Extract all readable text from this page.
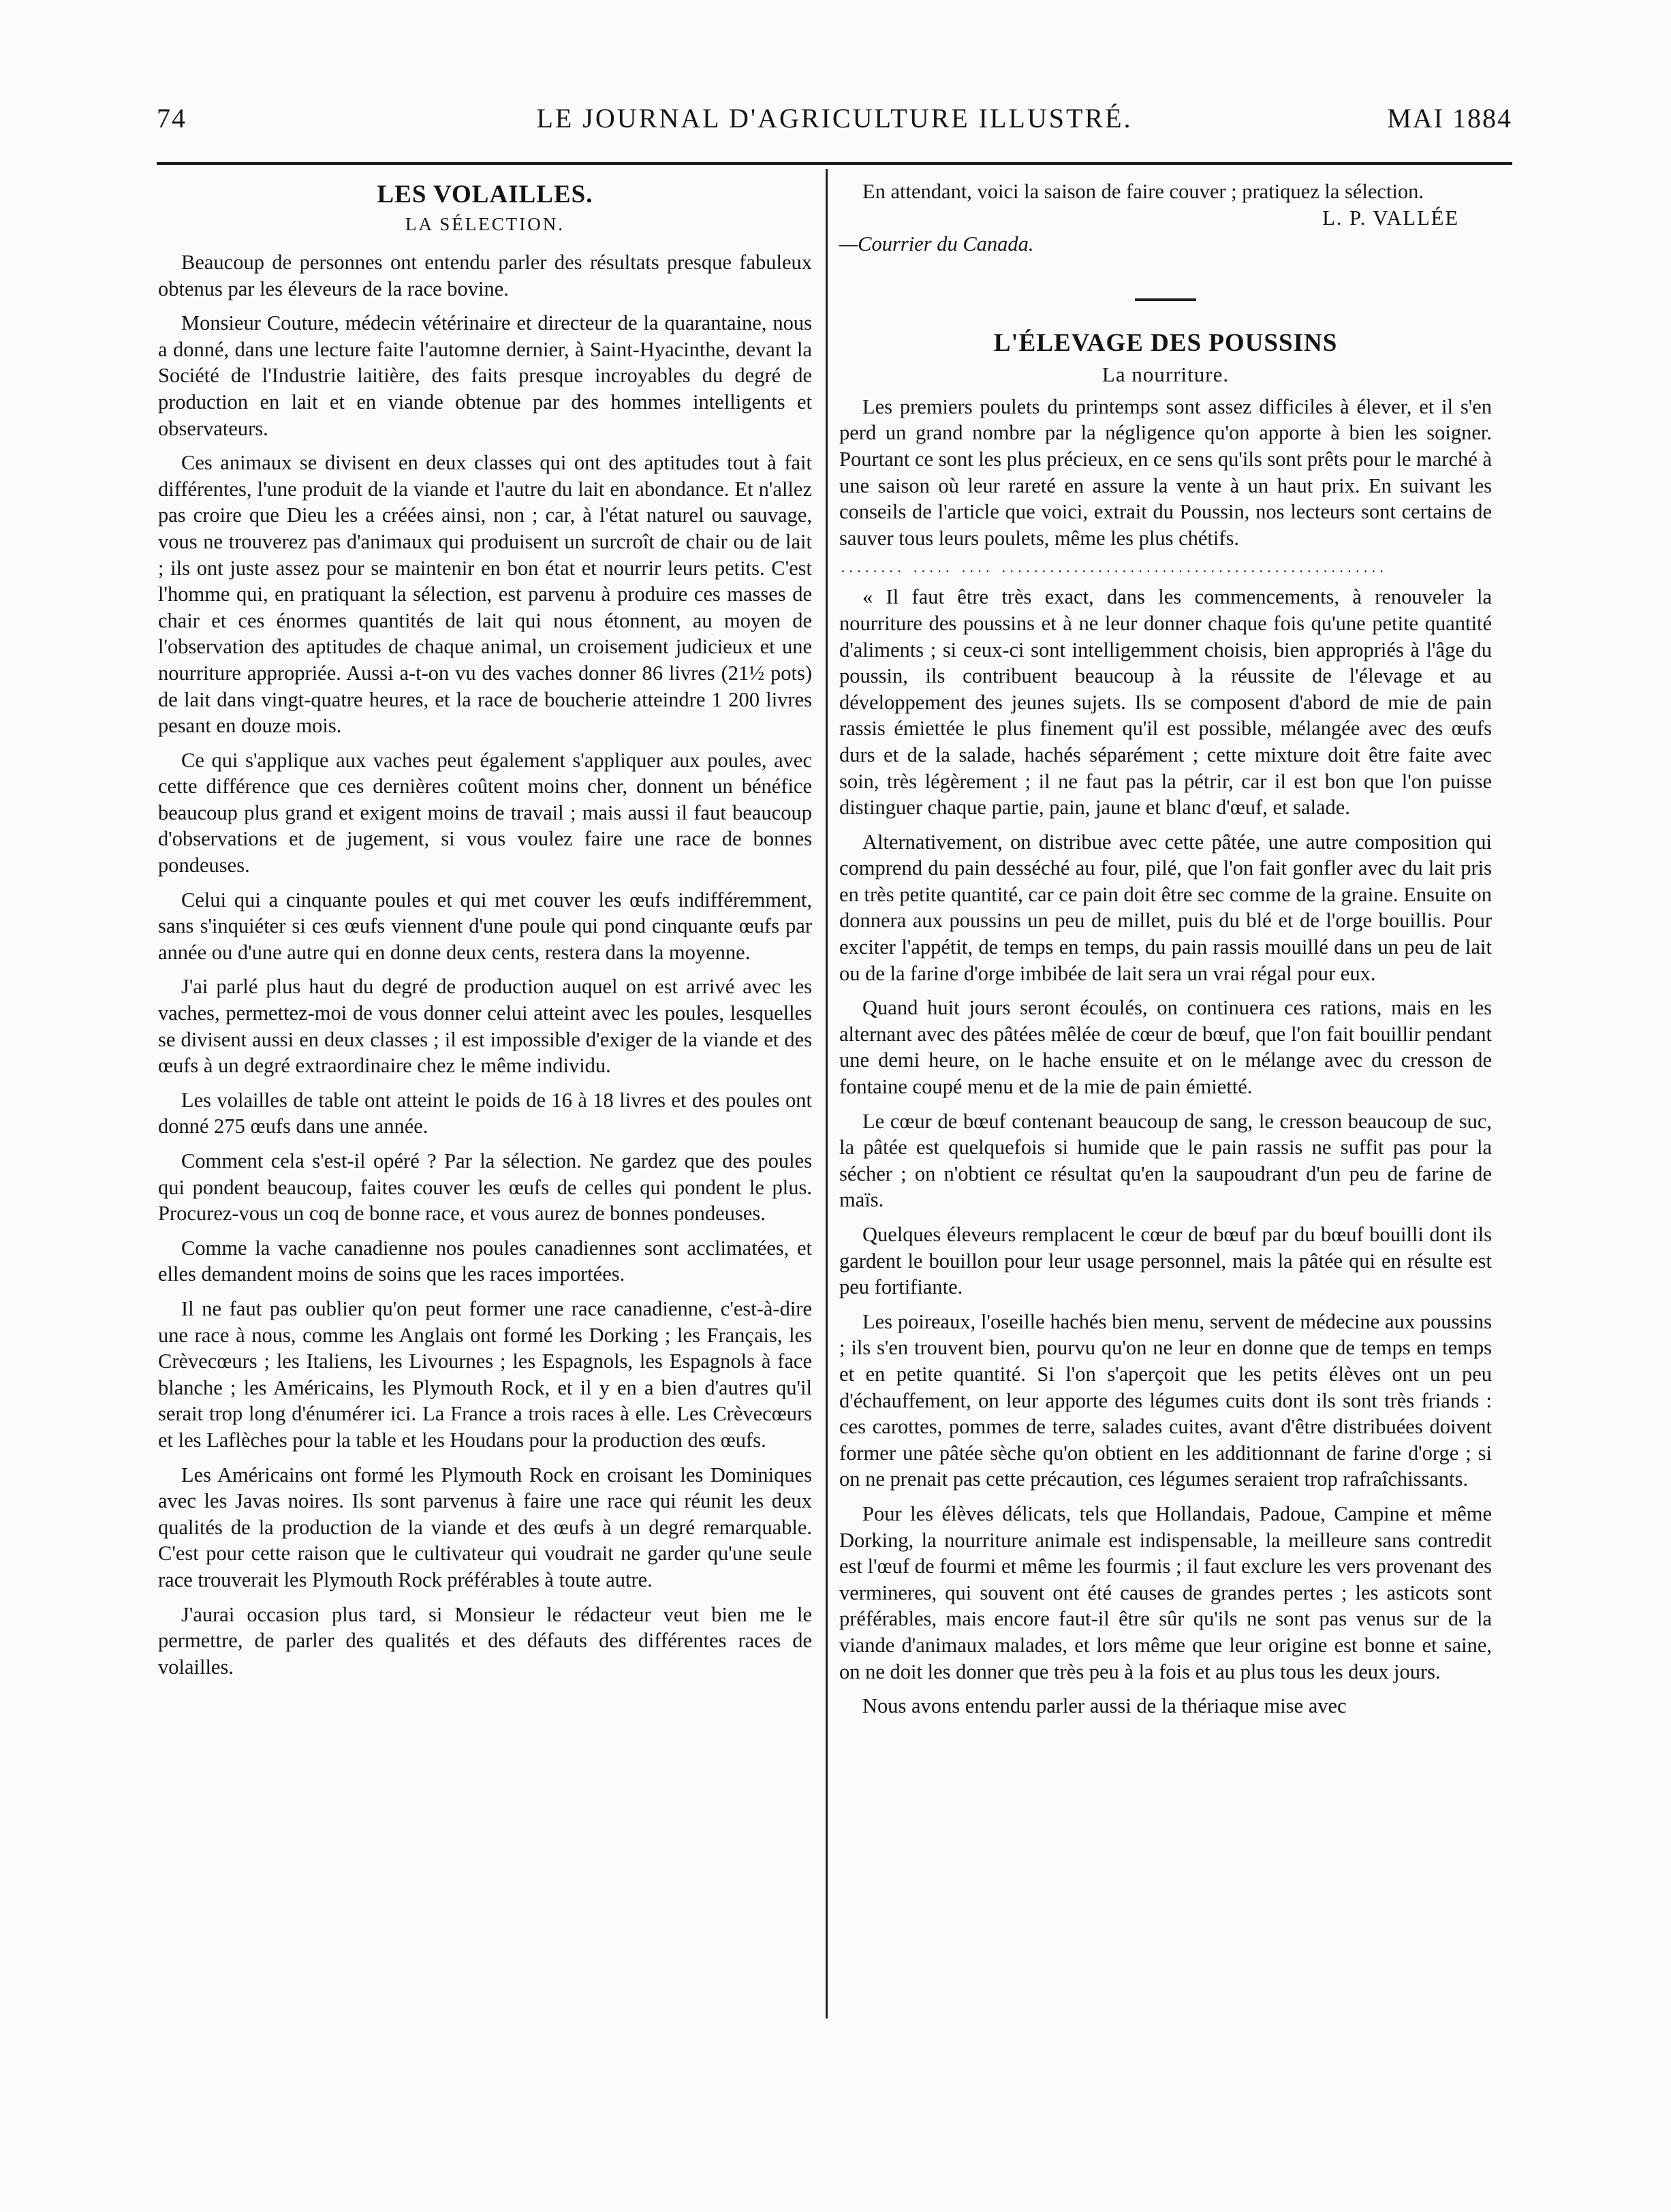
74	LE JOURNAL D'AGRICULTURE ILLUSTRÉ.	MAI 1884
LES VOLAILLES.
LA SÉLECTION.

Beaucoup de personnes ont entendu parler des résultats presque fabuleux obtenus par les éleveurs de la race bovine.

Monsieur Couture, médecin vétérinaire et directeur de la quarantaine, nous a donné, dans une lecture faite l'automne dernier, à Saint-Hyacinthe, devant la Société de l'Industrie laitière, des faits presque incroyables du degré de production en lait et en viande obtenue par des hommes intelligents et observateurs.

Ces animaux se divisent en deux classes qui ont des aptitudes tout à fait différentes, l'une produit de la viande et l'autre du lait en abondance. Et n'allez pas croire que Dieu les a créées ainsi, non ; car, à l'état naturel ou sauvage, vous ne trouverez pas d'animaux qui produisent un surcroît de chair ou de lait ; ils ont juste assez pour se maintenir en bon état et nourrir leurs petits. C'est l'homme qui, en pratiquant la sélection, est parvenu à produire ces masses de chair et ces énormes quantités de lait qui nous étonnent, au moyen de l'observation des aptitudes de chaque animal, un croisement judicieux et une nourriture appropriée. Aussi a-t-on vu des vaches donner 86 livres (21½ pots) de lait dans vingt-quatre heures, et la race de boucherie atteindre 1 200 livres pesant en douze mois.

Ce qui s'applique aux vaches peut également s'appliquer aux poules, avec cette différence que ces dernières coûtent moins cher, donnent un bénéfice beaucoup plus grand et exigent moins de travail ; mais aussi il faut beaucoup d'observations et de jugement, si vous voulez faire une race de bonnes pondeuses.

Celui qui a cinquante poules et qui met couver les œufs indifféremment, sans s'inquiéter si ces œufs viennent d'une poule qui pond cinquante œufs par année ou d'une autre qui en donne deux cents, restera dans la moyenne.

J'ai parlé plus haut du degré de production auquel on est arrivé avec les vaches, permettez-moi de vous donner celui atteint avec les poules, lesquelles se divisent aussi en deux classes ; il est impossible d'exiger de la viande et des œufs à un degré extraordinaire chez le même individu.

Les volailles de table ont atteint le poids de 16 à 18 livres et des poules ont donné 275 œufs dans une année.

Comment cela s'est-il opéré ? Par la sélection. Ne gardez que des poules qui pondent beaucoup, faites couver les œufs de celles qui pondent le plus. Procurez-vous un coq de bonne race, et vous aurez de bonnes pondeuses.

Comme la vache canadienne nos poules canadiennes sont acclimatées, et elles demandent moins de soins que les races importées.

Il ne faut pas oublier qu'on peut former une race canadienne, c'est-à-dire une race à nous, comme les Anglais ont formé les Dorking ; les Français, les Crèvecœurs ; les Italiens, les Livournes ; les Espagnols, les Espagnols à face blanche ; les Américains, les Plymouth Rock, et il y en a bien d'autres qu'il serait trop long d'énumérer ici. La France a trois races à elle. Les Crèvecœurs et les Laflèches pour la table et les Houdans pour la production des œufs.

Les Américains ont formé les Plymouth Rock en croisant les Dominiques avec les Javas noires. Ils sont parvenus à faire une race qui réunit les deux qualités de la production de la viande et des œufs à un degré remarquable. C'est pour cette raison que le cultivateur qui voudrait ne garder qu'une seule race trouverait les Plymouth Rock préférables à toute autre.

J'aurai occasion plus tard, si Monsieur le rédacteur veut bien me le permettre, de parler des qualités et des défauts des différentes races de volailles.

En attendant, voici la saison de faire couver ; pratiquez la sélection.

L. P. VALLÉE
—Courrier du Canada.
L'ÉLEVAGE DES POUSSINS
La nourriture.

Les premiers poulets du printemps sont assez difficiles à élever, et il s'en perd un grand nombre par la négligence qu'on apporte à bien les soigner. Pourtant ce sont les plus précieux, en ce sens qu'ils sont prêts pour le marché à une saison où leur rareté en assure la vente à un haut prix. En suivant les conseils de l'article que voici, extrait du Poussin, nos lecteurs sont certains de sauver tous leurs poulets, même les plus chétifs.

........ ..... .... ................................................

« Il faut être très exact, dans les commencements, à renouveler la nourriture des poussins et à ne leur donner chaque fois qu'une petite quantité d'aliments ; si ceux-ci sont intelligemment choisis, bien appropriés à l'âge du poussin, ils contribuent beaucoup à la réussite de l'élevage et au développement des jeunes sujets. Ils se composent d'abord de mie de pain rassis émiettée le plus finement qu'il est possible, mélangée avec des œufs durs et de la salade, hachés séparément ; cette mixture doit être faite avec soin, très légèrement ; il ne faut pas la pétrir, car il est bon que l'on puisse distinguer chaque partie, pain, jaune et blanc d'œuf, et salade.

Alternativement, on distribue avec cette pâtée, une autre composition qui comprend du pain desséché au four, pilé, que l'on fait gonfler avec du lait pris en très petite quantité, car ce pain doit être sec comme de la graine. Ensuite on donnera aux poussins un peu de millet, puis du blé et de l'orge bouillis. Pour exciter l'appétit, de temps en temps, du pain rassis mouillé dans un peu de lait ou de la farine d'orge imbibée de lait sera un vrai régal pour eux.

Quand huit jours seront écoulés, on continuera ces rations, mais en les alternant avec des pâtées mêlée de cœur de bœuf, que l'on fait bouillir pendant une demi heure, on le hache ensuite et on le mélange avec du cresson de fontaine coupé menu et de la mie de pain émietté.

Le cœur de bœuf contenant beaucoup de sang, le cresson beaucoup de suc, la pâtée est quelquefois si humide que le pain rassis ne suffit pas pour la sécher ; on n'obtient ce résultat qu'en la saupoudrant d'un peu de farine de maïs.

Quelques éleveurs remplacent le cœur de bœuf par du bœuf bouilli dont ils gardent le bouillon pour leur usage personnel, mais la pâtée qui en résulte est peu fortifiante.

Les poireaux, l'oseille hachés bien menu, servent de médecine aux poussins ; ils s'en trouvent bien, pourvu qu'on ne leur en donne que de temps en temps et en petite quantité. Si l'on s'aperçoit que les petits élèves ont un peu d'échauffement, on leur apporte des légumes cuits dont ils sont très friands : ces carottes, pommes de terre, salades cuites, avant d'être distribuées doivent former une pâtée sèche qu'on obtient en les additionnant de farine d'orge ; si on ne prenait pas cette précaution, ces légumes seraient trop rafraîchissants.

Pour les élèves délicats, tels que Hollandais, Padoue, Campine et même Dorking, la nourriture animale est indispensable, la meilleure sans contredit est l'œuf de fourmi et même les fourmis ; il faut exclure les vers provenant des vermineres, qui souvent ont été causes de grandes pertes ; les asticots sont préférables, mais encore faut-il être sûr qu'ils ne sont pas venus sur de la viande d'animaux malades, et lors même que leur origine est bonne et saine, on ne doit les donner que très peu à la fois et au plus tous les deux jours.

Nous avons entendu parler aussi de la thériaque mise avec
